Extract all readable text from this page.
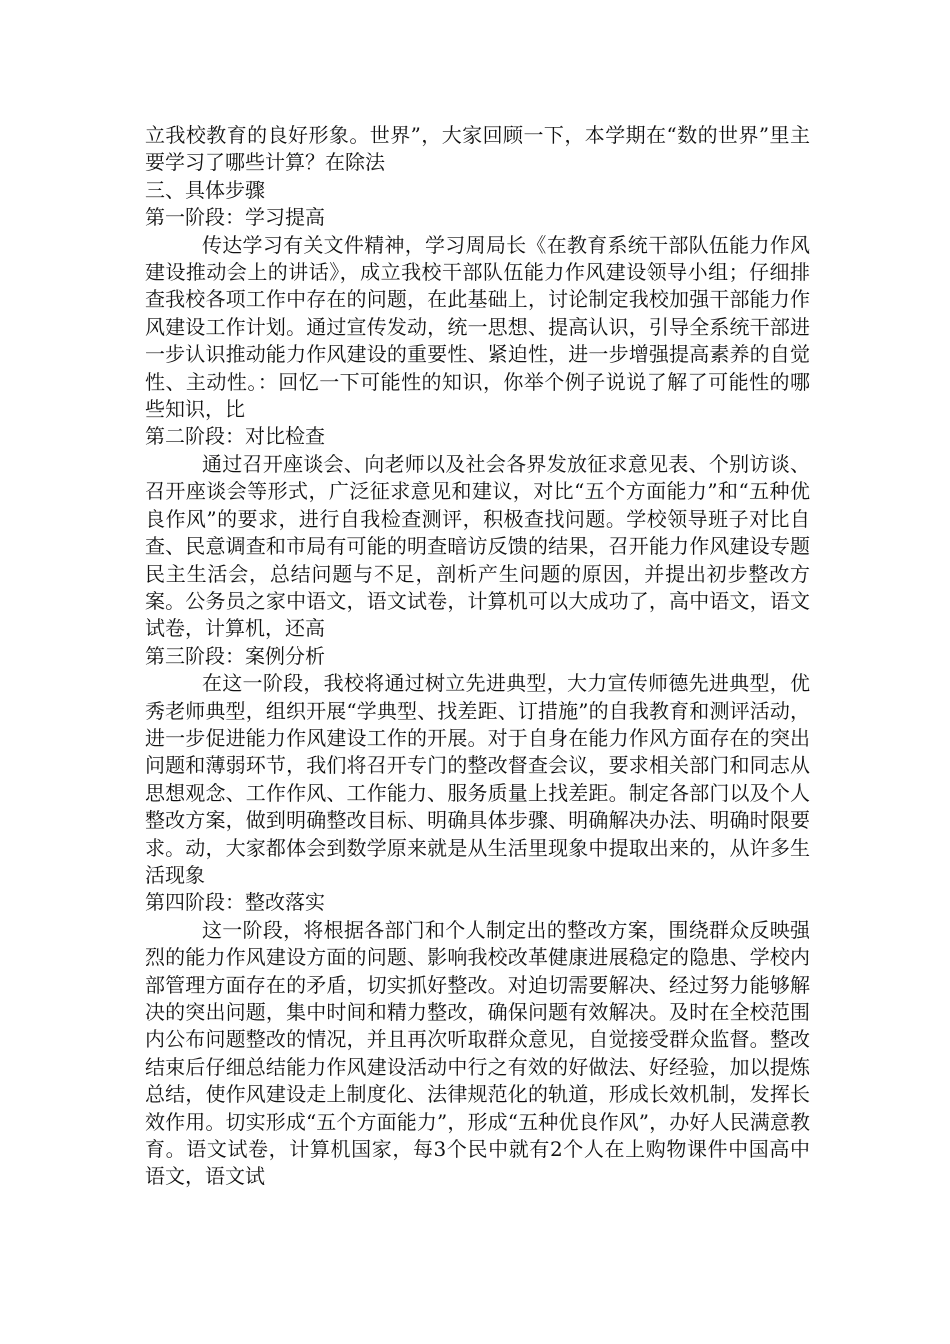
立我校教育的良好形象。世界”，大家回顾一下，本学期在“数的世界”里主要学习了哪些计算？在除法

三、具体步骤

第一阶段：学习提高

传达学习有关文件精神，学习周局长《在教育系统干部队伍能力作风建设推动会上的讲话》，成立我校干部队伍能力作风建设领导小组；仔细排查我校各项工作中存在的问题，在此基础上，讨论制定我校加强干部能力作风建设工作计划。通过宣传发动，统一思想、提高认识，引导全系统干部进一步认识推动能力作风建设的重要性、紧迫性，进一步增强提高素养的自觉性、主动性。：回忆一下可能性的知识，你举个例子说说了解了可能性的哪些知识，比

第二阶段：对比检查

通过召开座谈会、向老师以及社会各界发放征求意见表、个别访谈、召开座谈会等形式，广泛征求意见和建议，对比“五个方面能力”和“五种优良作风”的要求，进行自我检查测评，积极查找问题。学校领导班子对比自查、民意调查和市局有可能的明查暗访反馈的结果，召开能力作风建设专题民主生活会，总结问题与不足，剖析产生问题的原因，并提出初步整改方案。公务员之家中语文，语文试卷，计算机可以大成功了，高中语文，语文试卷，计算机，还高

第三阶段：案例分析

在这一阶段，我校将通过树立先进典型，大力宣传师德先进典型，优秀老师典型，组织开展“学典型、找差距、订措施”的自我教育和测评活动，进一步促进能力作风建设工作的开展。对于自身在能力作风方面存在的突出问题和薄弱环节，我们将召开专门的整改督查会议，要求相关部门和同志从思想观念、工作作风、工作能力、服务质量上找差距。制定各部门以及个人整改方案，做到明确整改目标、明确具体步骤、明确解决办法、明确时限要求。动，大家都体会到数学原来就是从生活里现象中提取出来的，从许多生活现象

第四阶段：整改落实

这一阶段，将根据各部门和个人制定出的整改方案，围绕群众反映强烈的能力作风建设方面的问题、影响我校改革健康进展稳定的隐患、学校内部管理方面存在的矛盾，切实抓好整改。对迫切需要解决、经过努力能够解决的突出问题，集中时间和精力整改，确保问题有效解决。及时在全校范围内公布问题整改的情况，并且再次听取群众意见，自觉接受群众监督。整改结束后仔细总结能力作风建设活动中行之有效的好做法、好经验，加以提炼总结，使作风建设走上制度化、法律规范化的轨道，形成长效机制，发挥长效作用。切实形成“五个方面能力”，形成“五种优良作风”，办好人民满意教育。语文试卷，计算机国家，每3个民中就有2个人在上购物课件中国高中语文，语文试
